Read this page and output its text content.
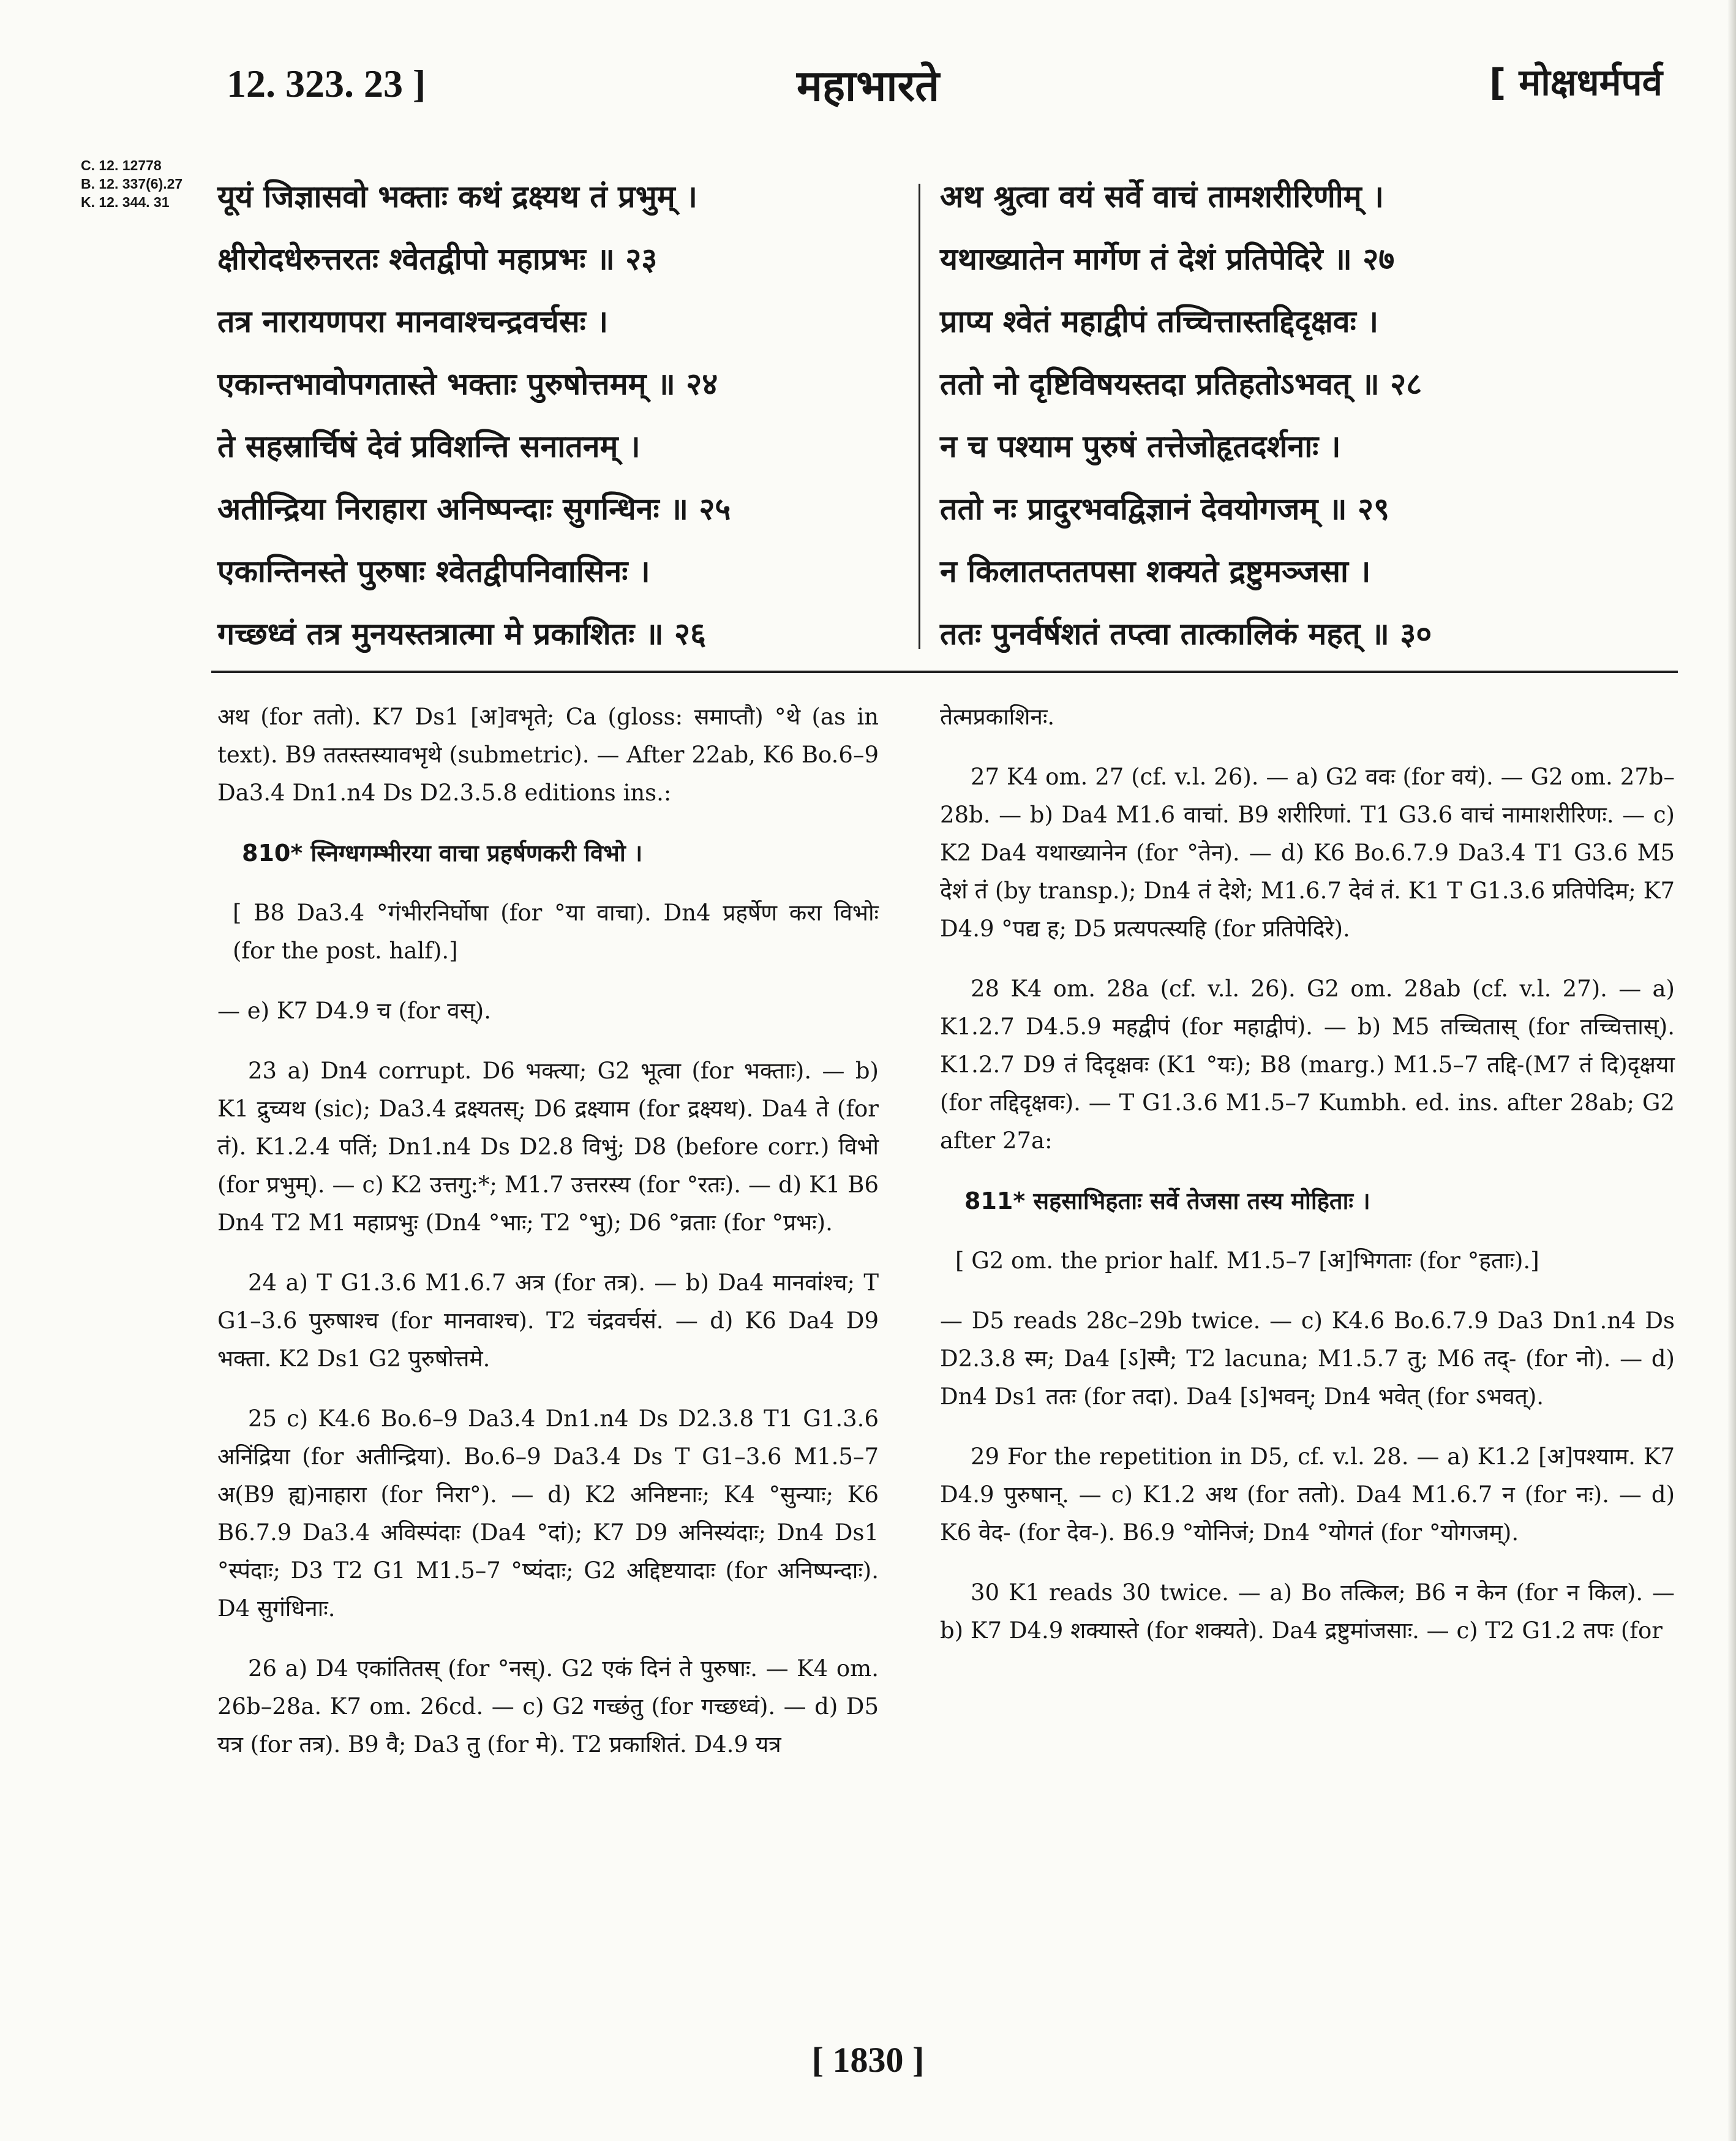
12. 323. 23 ]	महाभारते	[ मोक्षधर्मपर्व
C. 12. 12778
B. 12. 337(6).27
K. 12. 344. 31	यूयं जिज्ञासवो भक्ताः कथं द्रक्ष्यथ तं प्रभुम् ।
क्षीरोदधेरुत्तरतः श्वेतद्वीपो महाप्रभः ॥ २३
तत्र नारायणपरा मानवाश्चन्द्रवर्चसः ।
एकान्तभावोपगतास्ते भक्ताः पुरुषोत्तमम् ॥ २४
ते सहस्रार्चिषं देवं प्रविशन्ति सनातनम् ।
अतीन्द्रिया निराहारा अनिष्पन्दाः सुगन्धिनः ॥ २५
एकान्तिनस्ते पुरुषाः श्वेतद्वीपनिवासिनः ।
गच्छध्वं तत्र मुनयस्तत्रात्मा मे प्रकाशितः ॥ २६
अथ श्रुत्वा वयं सर्वे वाचं तामशरीरिणीम् ।
यथाख्यातेन मार्गेण तं देशं प्रतिपेदिरे ॥ २७
प्राप्य श्वेतं महाद्वीपं तच्चित्तास्तद्दिदृक्षवः ।
ततो नो दृष्टिविषयस्तदा प्रतिहतोऽभवत् ॥ २८
न च पश्याम पुरुषं तत्तेजोहृतदर्शनाः ।
ततो नः प्रादुरभवद्विज्ञानं देवयोगजम् ॥ २९
न किलातप्ततपसा शक्यते द्रष्टुमञ्जसा ।
ततः पुनर्वर्षशतं तप्त्वा तात्कालिकं महत् ॥ ३०

अथ (for ततो). K7 Ds1 [अ]वभृते; Ca (gloss: समाप्तौ) °थे (as in text). B9 ततस्तस्यावभृथे (submetric). — After 22ab, K6 Bo.6–9 Da3.4 Dn1.n4 Ds D2.3.5.8 editions ins.:

810* स्निग्धगम्भीरया वाचा प्रहर्षणकरी विभो ।

[ B8 Da3.4 °गंभीरनिर्घोषा (for °या वाचा). Dn4 प्रहर्षेण करा विभोः (for the post. half).]

— e) K7 D4.9 च (for वस्).

23 a) Dn4 corrupt. D6 भक्त्या; G2 भूत्वा (for भक्ताः). — b) K1 द्रुच्यथ (sic); Da3.4 द्रक्ष्यतस्; D6 द्रक्ष्याम (for द्रक्ष्यथ). Da4 ते (for तं). K1.2.4 पतिं; Dn1.n4 Ds D2.8 विभुं; D8 (before corr.) विभो (for प्रभुम्). — c) K2 उत्तगु:*; M1.7 उत्तरस्य (for °रतः). — d) K1 B6 Dn4 T2 M1 महाप्रभुः (Dn4 °भाः; T2 °भु); D6 °व्रताः (for °प्रभः).

24 a) T G1.3.6 M1.6.7 अत्र (for तत्र). — b) Da4 मानवांश्च; T G1–3.6 पुरुषाश्च (for मानवाश्च). T2 चंद्रवर्चसं. — d) K6 Da4 D9 भक्ता. K2 Ds1 G2 पुरुषोत्तमे.

25 c) K4.6 Bo.6–9 Da3.4 Dn1.n4 Ds D2.3.8 T1 G1.3.6 अनिंद्रिया (for अतीन्द्रिया). Bo.6–9 Da3.4 Ds T G1–3.6 M1.5–7 अ(B9 ह्य)नाहारा (for निरा°). — d) K2 अनिष्टनाः; K4 °सुन्याः; K6 B6.7.9 Da3.4 अविस्पंदाः (Da4 °दां); K7 D9 अनिस्यंदाः; Dn4 Ds1 °स्पंदाः; D3 T2 G1 M1.5–7 °ष्यंदाः; G2 अद्दिष्टयादाः (for अनिष्पन्दाः). D4 सुगंधिनाः.

26 a) D4 एकांतितस् (for °नस्). G2 एकं दिनं ते पुरुषाः. — K4 om. 26b–28a. K7 om. 26cd. — c) G2 गच्छंतु (for गच्छध्वं). — d) D5 यत्र (for तत्र). B9 वै; Da3 तु (for मे). T2 प्रकाशितं. D4.9 यत्र

तेत्मप्रकाशिनः.

27 K4 om. 27 (cf. v.l. 26). — a) G2 ववः (for वयं). — G2 om. 27b–28b. — b) Da4 M1.6 वाचां. B9 शरीरिणां. T1 G3.6 वाचं नामाशरीरिणः. — c) K2 Da4 यथाख्यानेन (for °तेन). — d) K6 Bo.6.7.9 Da3.4 T1 G3.6 M5 देशं तं (by transp.); Dn4 तं देशे; M1.6.7 देवं तं. K1 T G1.3.6 प्रतिपेदिम; K7 D4.9 °पद्य ह; D5 प्रत्यपत्स्यहि (for प्रतिपेदिरे).

28 K4 om. 28a (cf. v.l. 26). G2 om. 28ab (cf. v.l. 27). — a) K1.2.7 D4.5.9 महद्वीपं (for महाद्वीपं). — b) M5 तच्चितास् (for तच्चित्तास्). K1.2.7 D9 तं दिदृक्षवः (K1 °यः); B8 (marg.) M1.5–7 तद्दि-(M7 तं दि)दृक्षया (for तद्दिदृक्षवः). — T G1.3.6 M1.5–7 Kumbh. ed. ins. after 28ab; G2 after 27a:

811* सहसाभिहताः सर्वे तेजसा तस्य मोहिताः ।

[ G2 om. the prior half. M1.5–7 [अ]भिगताः (for °हताः).]

— D5 reads 28c–29b twice. — c) K4.6 Bo.6.7.9 Da3 Dn1.n4 Ds D2.3.8 स्म; Da4 [ऽ]स्मै; T2 lacuna; M1.5.7 तु; M6 तद्- (for नो). — d) Dn4 Ds1 ततः (for तदा). Da4 [ऽ]भवन्; Dn4 भवेत् (for ऽभवत्).

29 For the repetition in D5, cf. v.l. 28. — a) K1.2 [अ]पश्याम. K7 D4.9 पुरुषान्. — c) K1.2 अथ (for ततो). Da4 M1.6.7 न (for नः). — d) K6 वेद- (for देव-). B6.9 °योनिजं; Dn4 °योगतं (for °योगजम्).

30 K1 reads 30 twice. — a) Bo तत्किल; B6 न केन (for न किल). — b) K7 D4.9 शक्यास्ते (for शक्यते). Da4 द्रष्टुमांजसाः. — c) T2 G1.2 तपः (for

[ 1830 ]
